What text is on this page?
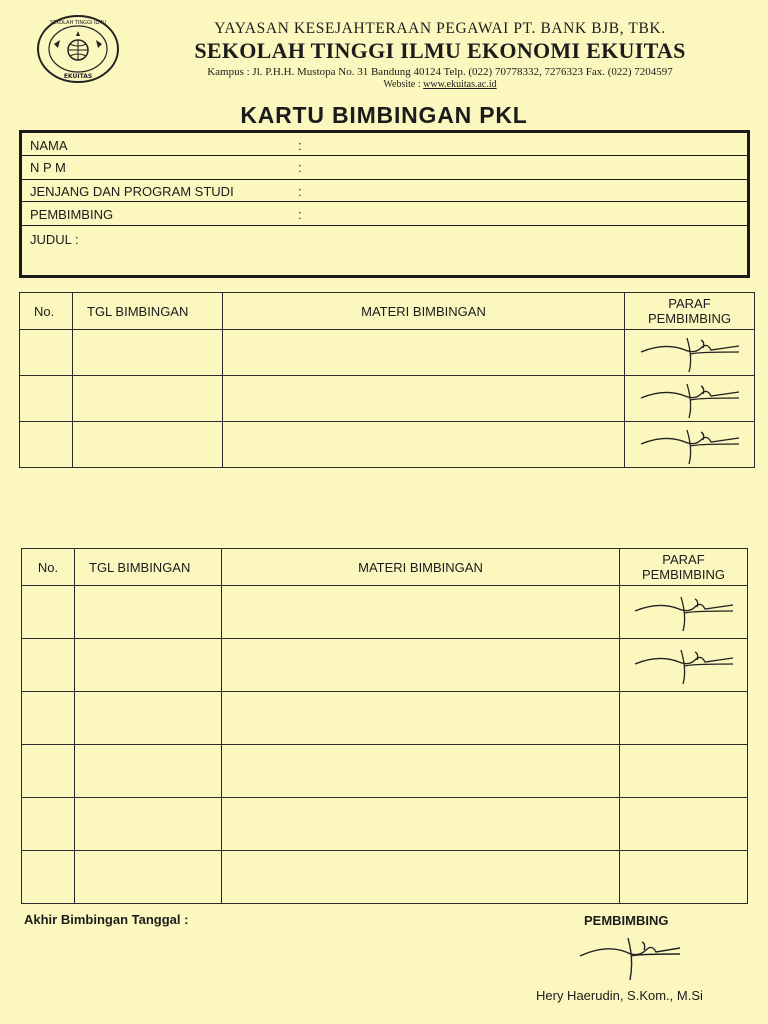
SEKOLAH TINGGI ILMU
EKUITAS
YAYASAN KESEJAHTERAAN PEGAWAI PT. BANK BJB, TBK.
SEKOLAH TINGGI ILMU EKONOMI EKUITAS
Kampus : Jl. P.H.H. Mustopa No. 31 Bandung 40124 Telp. (022) 70778332, 7276323 Fax. (022) 7204597
Website : www.ekuitas.ac.id
KARTU BIMBINGAN PKL
NAMA	:
N P M	:
JENJANG DAN PROGRAM STUDI	:
PEMBIMBING	:
JUDUL :
No.	TGL BIMBINGAN	MATERI BIMBINGAN	PARAF
PEMBIMBING

No.	TGL BIMBINGAN	MATERI BIMBINGAN	PARAF
PEMBIMBING

Akhir Bimbingan Tanggal :	PEMBIMBING
Hery Haerudin, S.Kom., M.Si
